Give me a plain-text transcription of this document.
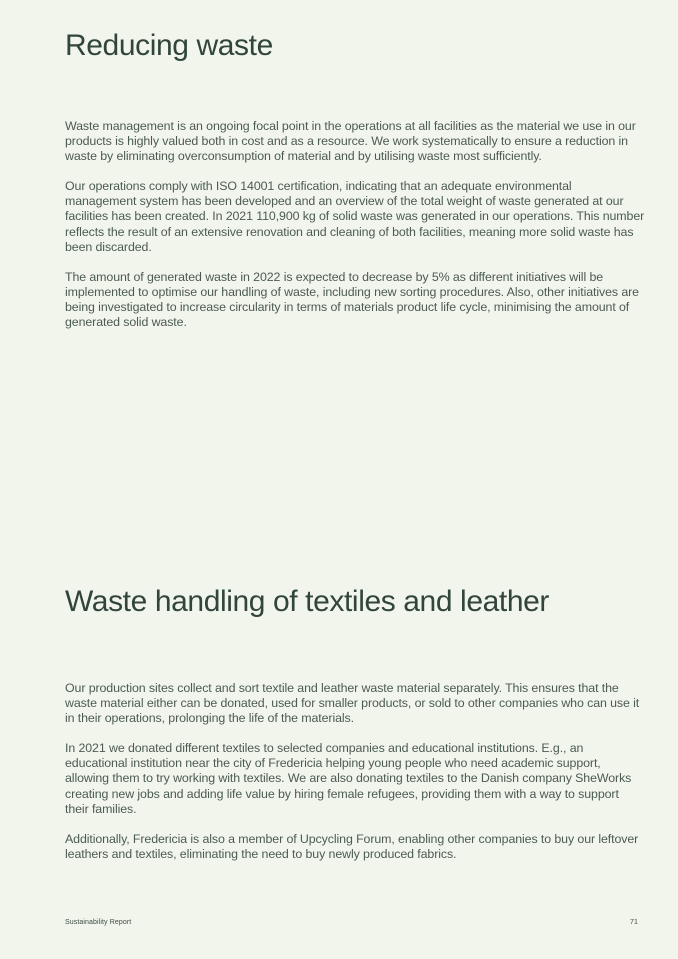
Reducing waste

Waste management is an ongoing focal point in the operations at all facilities as the material we use in our products is highly valued both in cost and as a resource. We work systematically to ensure a reduction in waste by eliminating overconsumption of material and by utilising waste most sufficiently.

Our operations comply with ISO 14001 certification, indicating that an adequate environmental management system has been developed and an overview of the total weight of waste generated at our facilities has been created. In 2021 110,900 kg of solid waste was generated in our operations. This number reflects the result of an extensive renovation and cleaning of both facilities, meaning more solid waste has been discarded.

The amount of generated waste in 2022 is expected to decrease by 5% as different initiatives will be implemented to optimise our handling of waste, including new sorting procedures. Also, other initiatives are being investigated to increase circularity in terms of materials product life cycle, minimising the amount of generated solid waste.

Waste handling of textiles and leather

Our production sites collect and sort textile and leather waste material separately. This ensures that the waste material either can be donated, used for smaller products, or sold to other companies who can use it in their operations, prolonging the life of the materials.

In 2021 we donated different textiles to selected companies and educational institutions. E.g., an educational institution near the city of Fredericia helping young people who need academic support, allowing them to try working with textiles. We are also donating textiles to the Danish company SheWorks creating new jobs and adding life value by hiring female refugees, providing them with a way to support their families.

Additionally, Fredericia is also a member of Upcycling Forum, enabling other companies to buy our leftover leathers and textiles, eliminating the need to buy newly produced fabrics.

Sustainability Report	71
